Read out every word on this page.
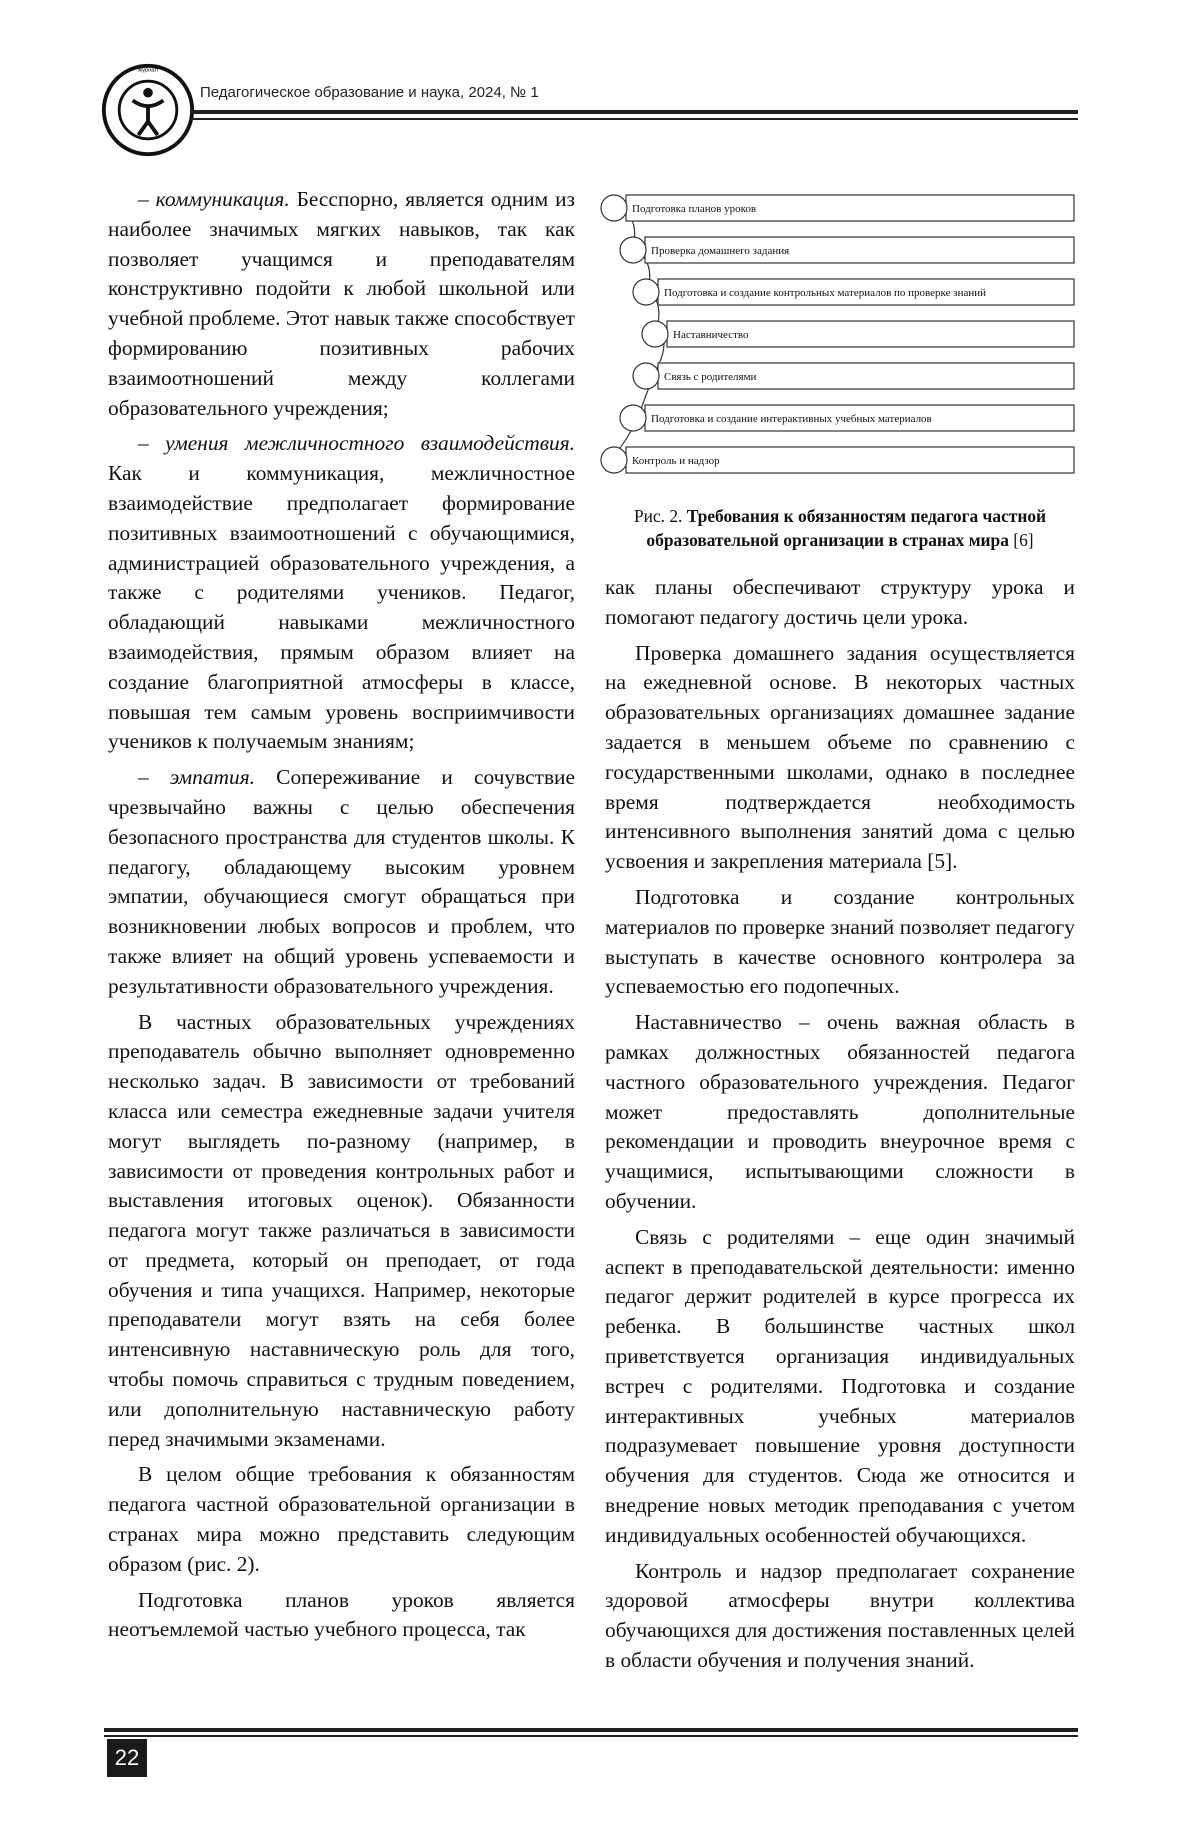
журнал
Педагогическое образование и наука, 2024, № 1

– коммуникация. Бесспорно, является одним из наиболее значимых мягких навыков, так как позволяет учащимся и преподавателям конструктивно подойти к любой школьной или учебной проблеме. Этот навык также способствует формированию позитивных рабочих взаимоотношений между коллегами образовательного учреждения;

– умения межличностного взаимодействия. Как и коммуникация, межличностное взаимодействие предполагает формирование позитивных взаимоотношений с обучающимися, администрацией образовательного учреждения, а также с родителями учеников. Педагог, обладающий навыками межличностного взаимодействия, прямым образом влияет на создание благоприятной атмосферы в классе, повышая тем самым уровень восприимчивости учеников к получаемым знаниям;

– эмпатия. Сопереживание и сочувствие чрезвычайно важны с целью обеспечения безопасного пространства для студентов школы. К педагогу, обладающему высоким уровнем эмпатии, обучающиеся смогут обращаться при возникновении любых вопросов и проблем, что также влияет на общий уровень успеваемости и результативности образовательного учреждения.

В частных образовательных учреждениях преподаватель обычно выполняет одновременно несколько задач. В зависимости от требований класса или семестра ежедневные задачи учителя могут выглядеть по-разному (например, в зависимости от проведения контрольных работ и выставления итоговых оценок). Обязанности педагога могут также различаться в зависимости от предмета, который он преподает, от года обучения и типа учащихся. Например, некоторые преподаватели могут взять на себя более интенсивную наставническую роль для того, чтобы помочь справиться с трудным поведением, или дополнительную наставническую работу перед значимыми экзаменами.

В целом общие требования к обязанностям педагога частной образовательной организации в странах мира можно представить следующим образом (рис. 2).

Подготовка планов уроков является неотъемлемой частью учебного процесса, так

Подготовка планов уроков
Проверка домашнего задания
Подготовка и создание контрольных материалов по проверке знаний
Наставничество
Связь с родителями
Подготовка и создание интерактивных учебных материалов
Контроль и надзор
Рис. 2. Требования к обязанностям педагога частной образовательной организации в странах мира [6]

как планы обеспечивают структуру урока и помогают педагогу достичь цели урока.

Проверка домашнего задания осуществляется на ежедневной основе. В некоторых частных образовательных организациях домашнее задание задается в меньшем объеме по сравнению с государственными школами, однако в последнее время подтверждается необходимость интенсивного выполнения занятий дома с целью усвоения и закрепления материала [5].

Подготовка и создание контрольных материалов по проверке знаний позволяет педагогу выступать в качестве основного контролера за успеваемостью его подопечных.

Наставничество – очень важная область в рамках должностных обязанностей педагога частного образовательного учреждения. Педагог может предоставлять дополнительные рекомендации и проводить внеурочное время с учащимися, испытывающими сложности в обучении.

Связь с родителями – еще один значимый аспект в преподавательской деятельности: именно педагог держит родителей в курсе прогресса их ребенка. В большинстве частных школ приветствуется организация индивидуальных встреч с родителями. Подготовка и создание интерактивных учебных материалов подразумевает повышение уровня доступности обучения для студентов. Сюда же относится и внедрение новых методик преподавания с учетом индивидуальных особенностей обучающихся.

Контроль и надзор предполагает сохранение здоровой атмосферы внутри коллектива обучающихся для достижения поставленных целей в области обучения и получения знаний.

22
